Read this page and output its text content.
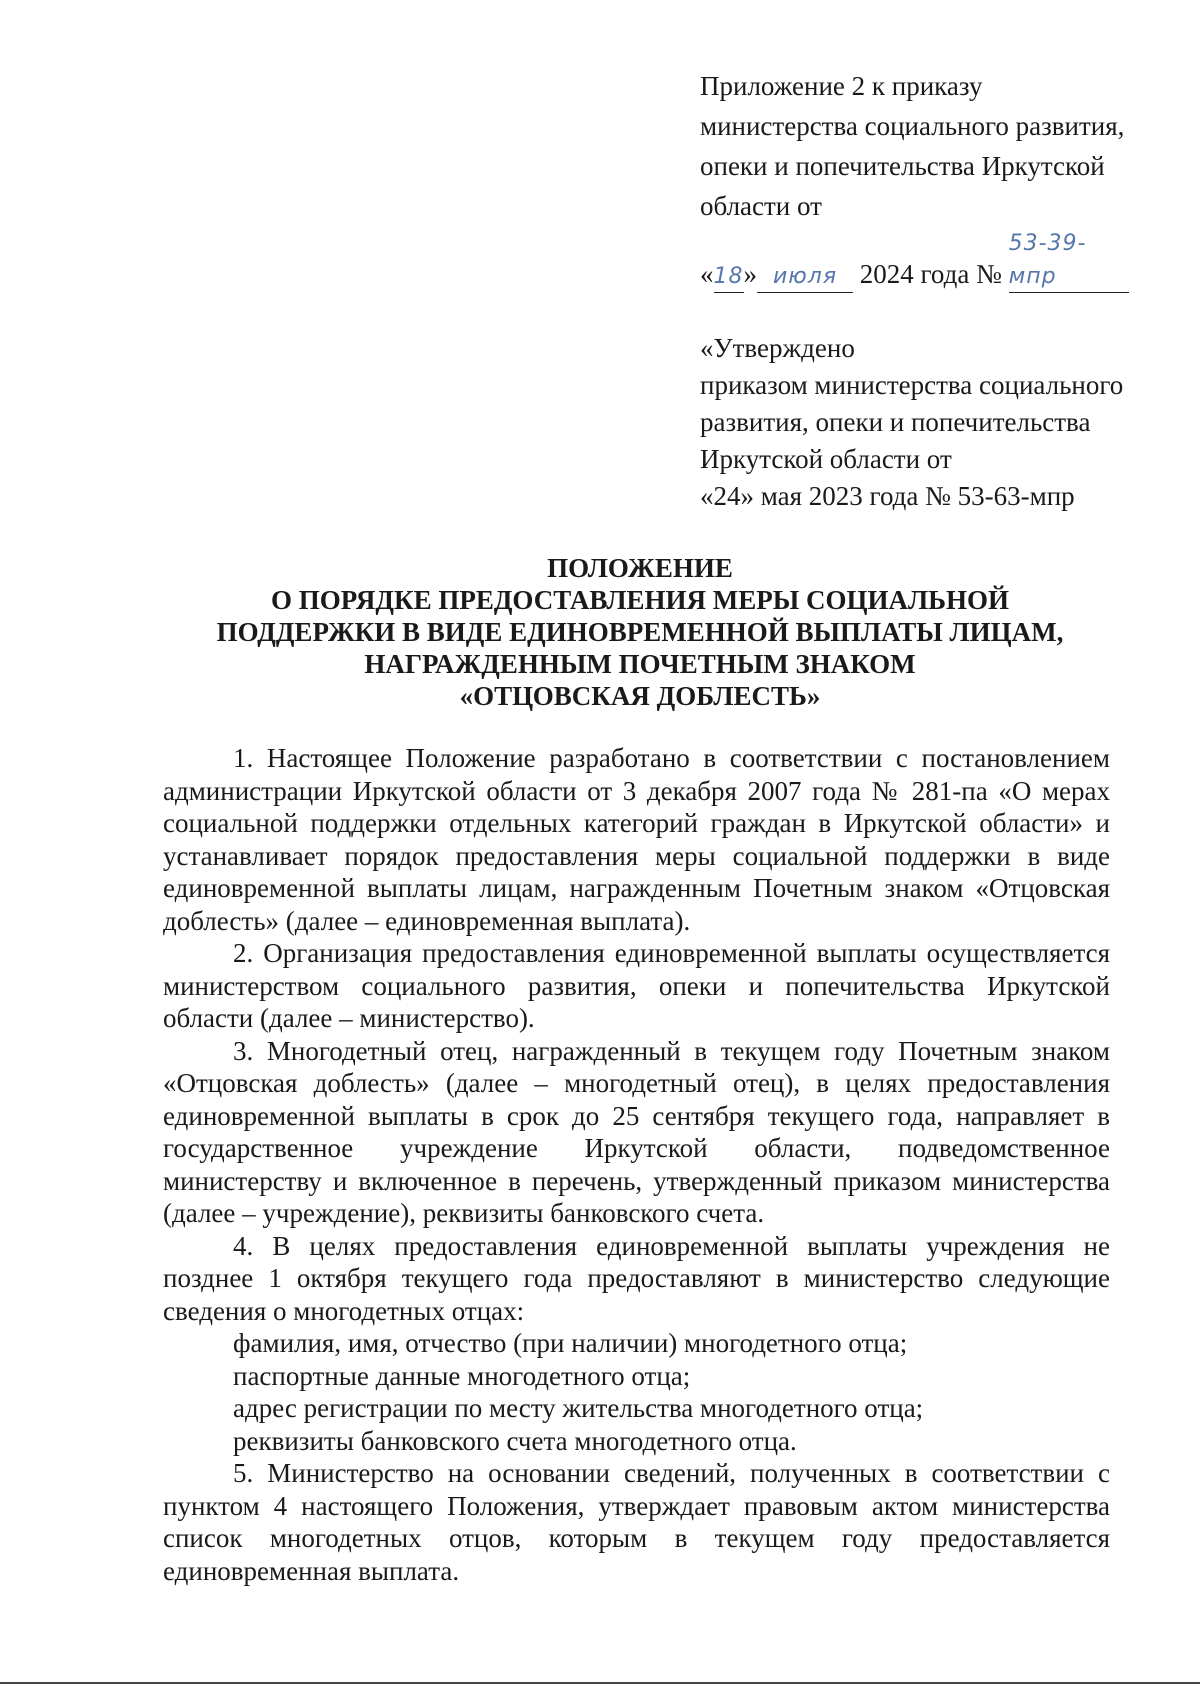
Приложение 2 к приказу
министерства социального развития,
опеки и попечительства Иркутской
области от
«18» июля 2024 года № 53-39-мпр
«Утверждено
приказом министерства социального
развития, опеки и попечительства
Иркутской области от
«24» мая 2023 года № 53-63-мпр
ПОЛОЖЕНИЕ
О ПОРЯДКЕ ПРЕДОСТАВЛЕНИЯ МЕРЫ СОЦИАЛЬНОЙ
ПОДДЕРЖКИ В ВИДЕ ЕДИНОВРЕМЕННОЙ ВЫПЛАТЫ ЛИЦАМ,
НАГРАЖДЕННЫМ ПОЧЕТНЫМ ЗНАКОМ
«ОТЦОВСКАЯ ДОБЛЕСТЬ»

1. Настоящее Положение разработано в соответствии с постановлением администрации Иркутской области от 3 декабря 2007 года № 281-па «О мерах социальной поддержки отдельных категорий граждан в Иркутской области» и устанавливает порядок предоставления меры социальной поддержки в виде единовременной выплаты лицам, награжденным Почетным знаком «Отцовская доблесть» (далее – единовременная выплата).

2. Организация предоставления единовременной выплаты осуществляется министерством социального развития, опеки и попечительства Иркутской области (далее – министерство).

3. Многодетный отец, награжденный в текущем году Почетным знаком «Отцовская доблесть» (далее – многодетный отец), в целях предоставления единовременной выплаты в срок до 25 сентября текущего года, направляет в государственное учреждение Иркутской области, подведомственное министерству и включенное в перечень, утвержденный приказом министерства (далее – учреждение), реквизиты банковского счета.

4. В целях предоставления единовременной выплаты учреждения не позднее 1 октября текущего года предоставляют в министерство следующие сведения о многодетных отцах:

фамилия, имя, отчество (при наличии) многодетного отца;

паспортные данные многодетного отца;

адрес регистрации по месту жительства многодетного отца;

реквизиты банковского счета многодетного отца.

5. Министерство на основании сведений, полученных в соответствии с пунктом 4 настоящего Положения, утверждает правовым актом министерства список многодетных отцов, которым в текущем году предоставляется единовременная выплата.
